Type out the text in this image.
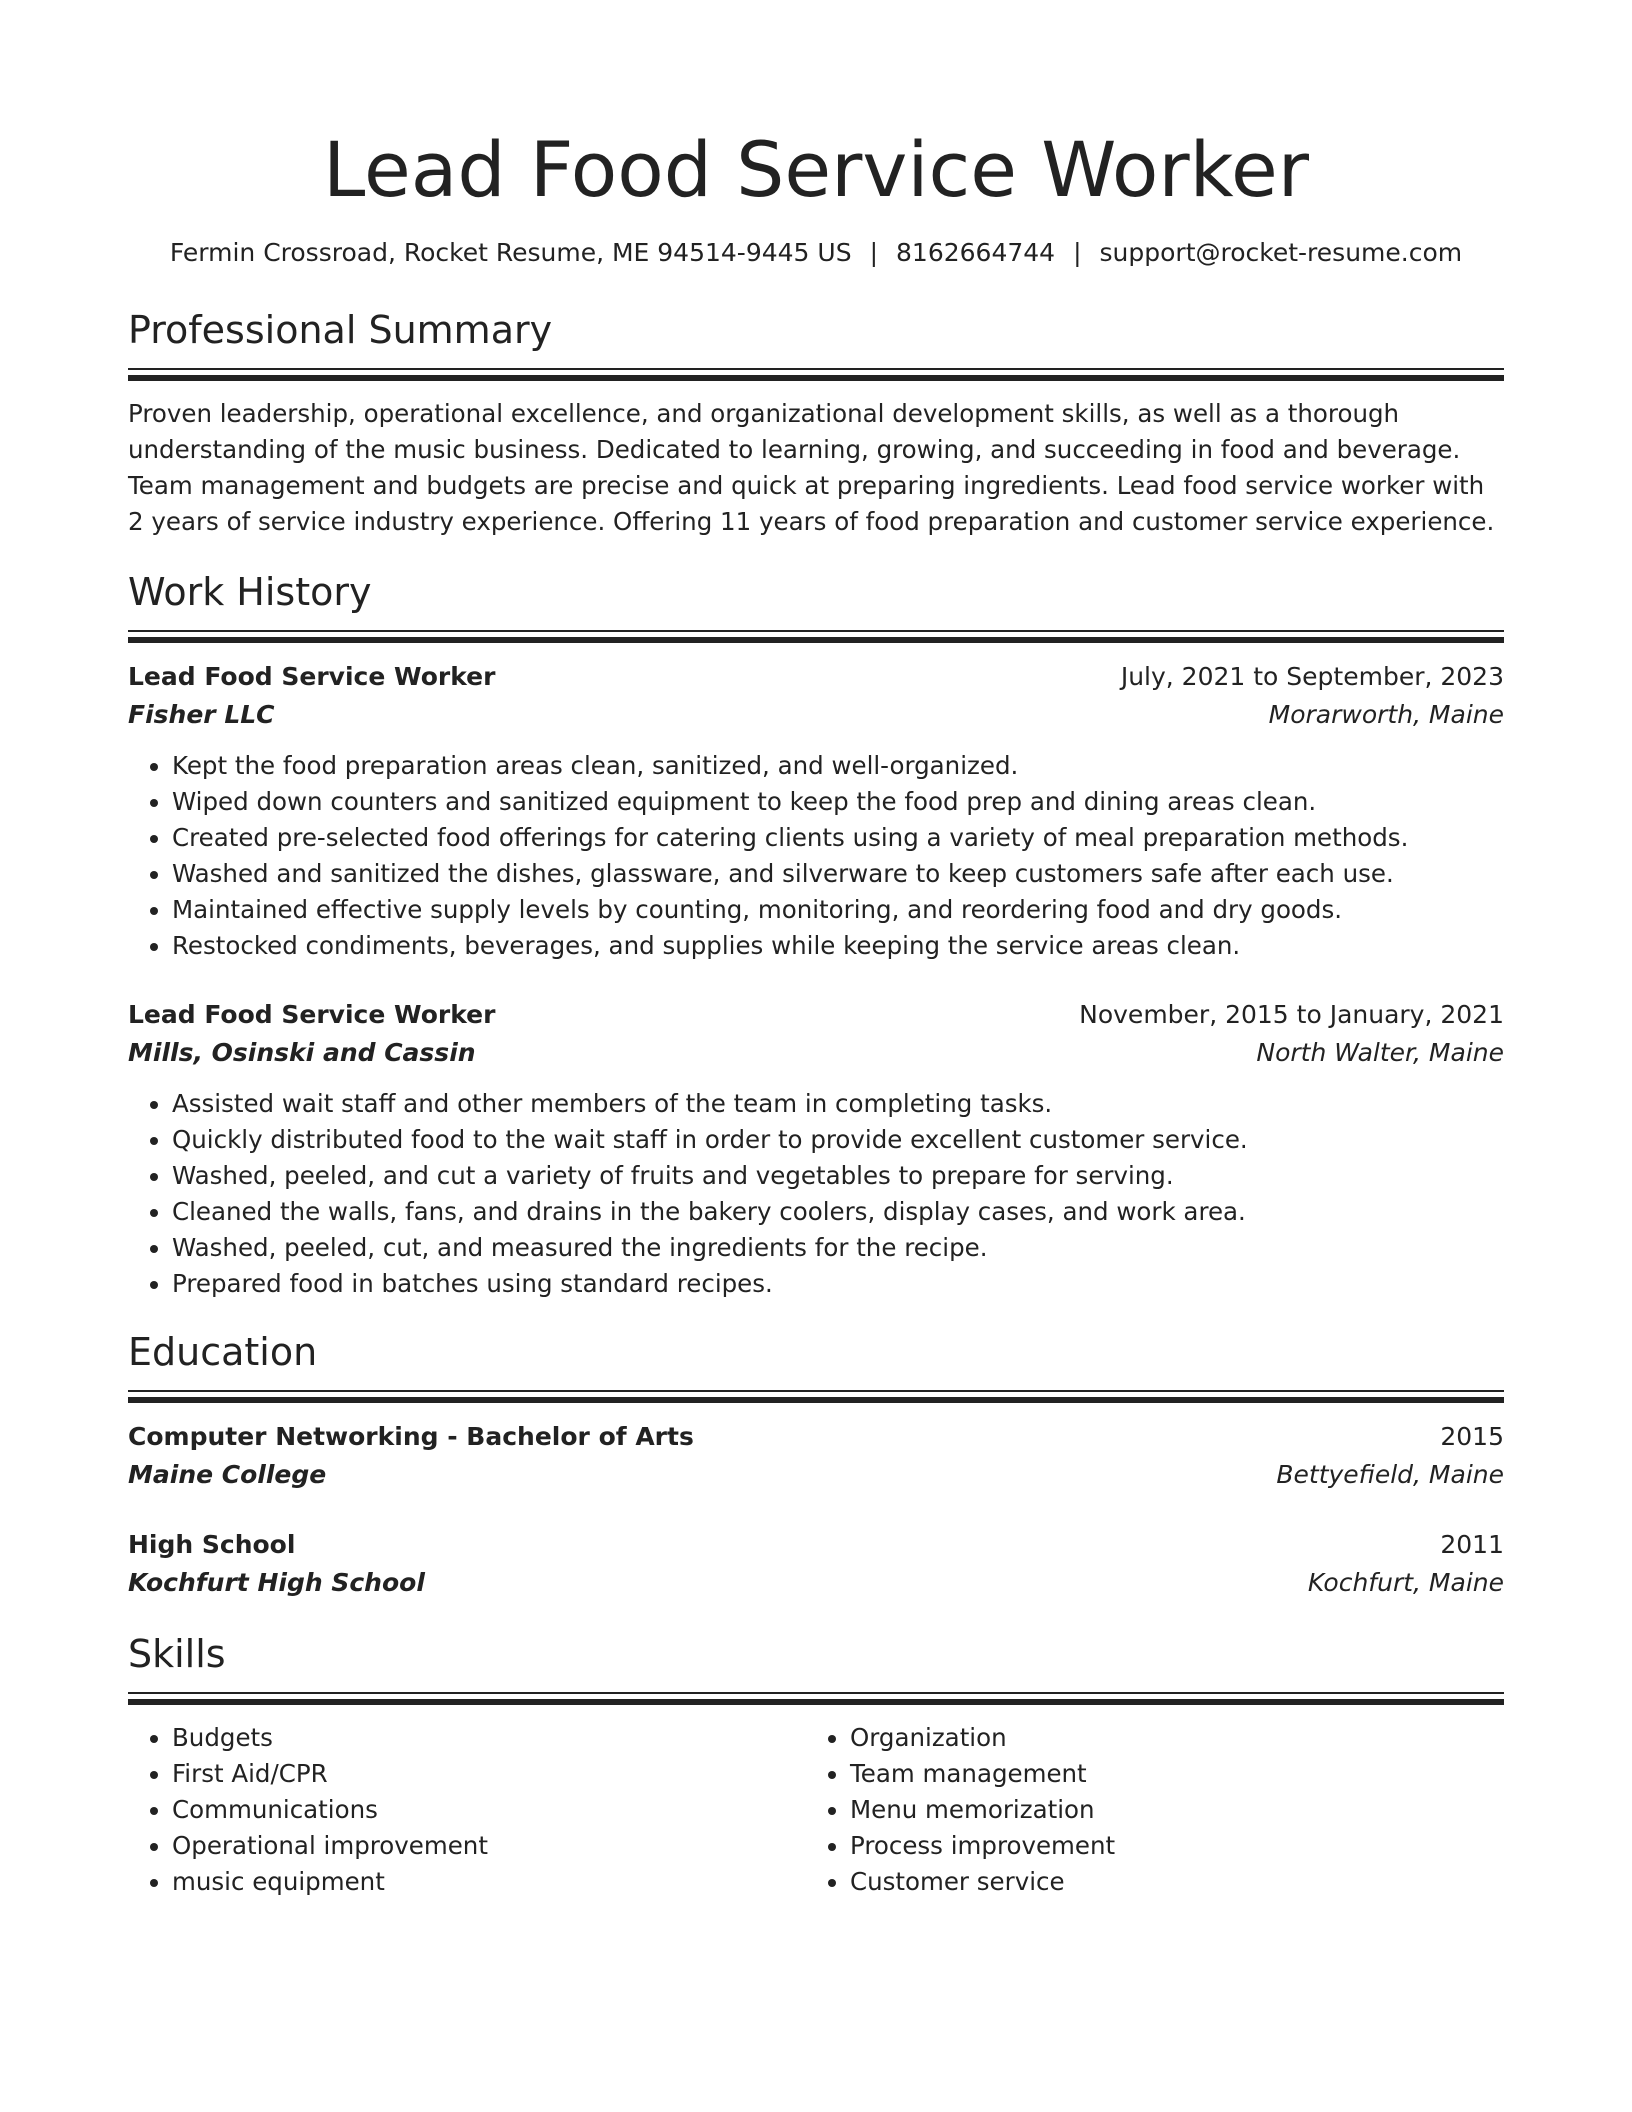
Lead Food Service Worker
Fermin Crossroad, Rocket Resume, ME 94514-9445 US | 8162664744 | support@rocket-resume.com
Professional Summary
Proven leadership, operational excellence, and organizational development skills, as well as a thorough understanding of the music business. Dedicated to learning, growing, and succeeding in food and beverage. Team management and budgets are precise and quick at preparing ingredients. Lead food service worker with 2 years of service industry experience. Offering 11 years of food preparation and customer service experience.
Work History
Lead Food Service Worker	July, 2021 to September, 2023
Fisher LLC	Morarworth, Maine
• Kept the food preparation areas clean, sanitized, and well-organized.
• Wiped down counters and sanitized equipment to keep the food prep and dining areas clean.
• Created pre-selected food offerings for catering clients using a variety of meal preparation methods.
• Washed and sanitized the dishes, glassware, and silverware to keep customers safe after each use.
• Maintained effective supply levels by counting, monitoring, and reordering food and dry goods.
• Restocked condiments, beverages, and supplies while keeping the service areas clean.
Lead Food Service Worker	November, 2015 to January, 2021
Mills, Osinski and Cassin	North Walter, Maine
• Assisted wait staff and other members of the team in completing tasks.
• Quickly distributed food to the wait staff in order to provide excellent customer service.
• Washed, peeled, and cut a variety of fruits and vegetables to prepare for serving.
• Cleaned the walls, fans, and drains in the bakery coolers, display cases, and work area.
• Washed, peeled, cut, and measured the ingredients for the recipe.
• Prepared food in batches using standard recipes.
Education
Computer Networking - Bachelor of Arts	2015
Maine College	Bettyefield, Maine
High School	2011
Kochfurt High School	Kochfurt, Maine
Skills
• Budgets
• First Aid/CPR
• Communications
• Operational improvement
• music equipment
• Organization
• Team management
• Menu memorization
• Process improvement
• Customer service
